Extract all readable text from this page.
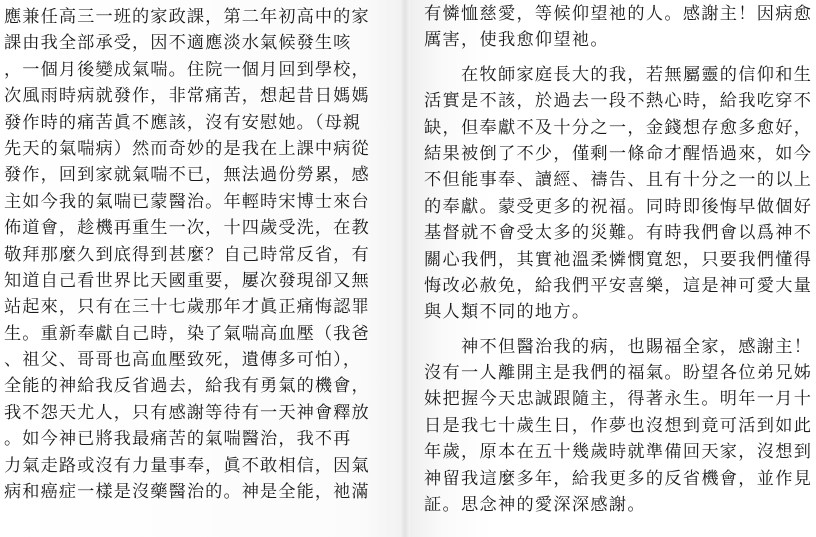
應兼任高三一班的家政課，第二年初高中的家
課由我全部承受，因不適應淡水氣候發生咳
，一個月後變成氣喘。住院一個月回到學校，
次風雨時病就發作，非常痛苦，想起昔日媽媽
發作時的痛苦眞不應該，沒有安慰她。（母親
先天的氣喘病）然而奇妙的是我在上課中病從
發作，回到家就氣喘不已，無法過份勞累，感
主如今我的氣喘已蒙醫治。年輕時宋博士來台
佈道會，趁機再重生一次，十四歲受洗，在教
敬拜那麼久到底得到甚麼？自己時常反省，有
知道自己看世界比天國重要，屢次發現卻又無
站起來，只有在三十七歲那年才眞正痛悔認罪
生。重新奉獻自己時，染了氣喘高血壓（我爸
、祖父、哥哥也高血壓致死，遺傳多可怕），
全能的神給我反省過去，給我有勇氣的機會，
我不怨天尤人，只有感謝等待有一天神會釋放
。如今神已將我最痛苦的氣喘醫治，我不再
力氣走路或沒有力量事奉，眞不敢相信，因氣
病和癌症一樣是沒藥醫治的。神是全能，祂滿
有憐恤慈愛，等候仰望祂的人。感謝主！因病愈
厲害，使我愈仰望祂。
　　在牧師家庭長大的我，若無屬靈的信仰和生
活實是不該，於過去一段不熱心時，給我吃穿不
缺，但奉獻不及十分之一，金錢想存愈多愈好，
結果被倒了不少，僅剩一條命才醒悟過來，如今
不但能事奉、讀經、禱告、且有十分之一的以上
的奉獻。蒙受更多的祝福。同時即後悔早做個好
基督就不會受太多的災難。有時我們會以爲神不
關心我們，其實祂溫柔憐憫寬恕，只要我們懂得
悔改必赦免，給我們平安喜樂，這是神可愛大量
與人類不同的地方。
　　神不但醫治我的病，也賜福全家，感謝主！
沒有一人離開主是我們的福氣。盼望各位弟兄姊
妹把握今天忠誠跟隨主，得著永生。明年一月十
日是我七十歲生日，作夢也沒想到竟可活到如此
年歲，原本在五十幾歲時就準備回天家，沒想到
神留我這麼多年，給我更多的反省機會，並作見
証。思念神的愛深深感謝。
